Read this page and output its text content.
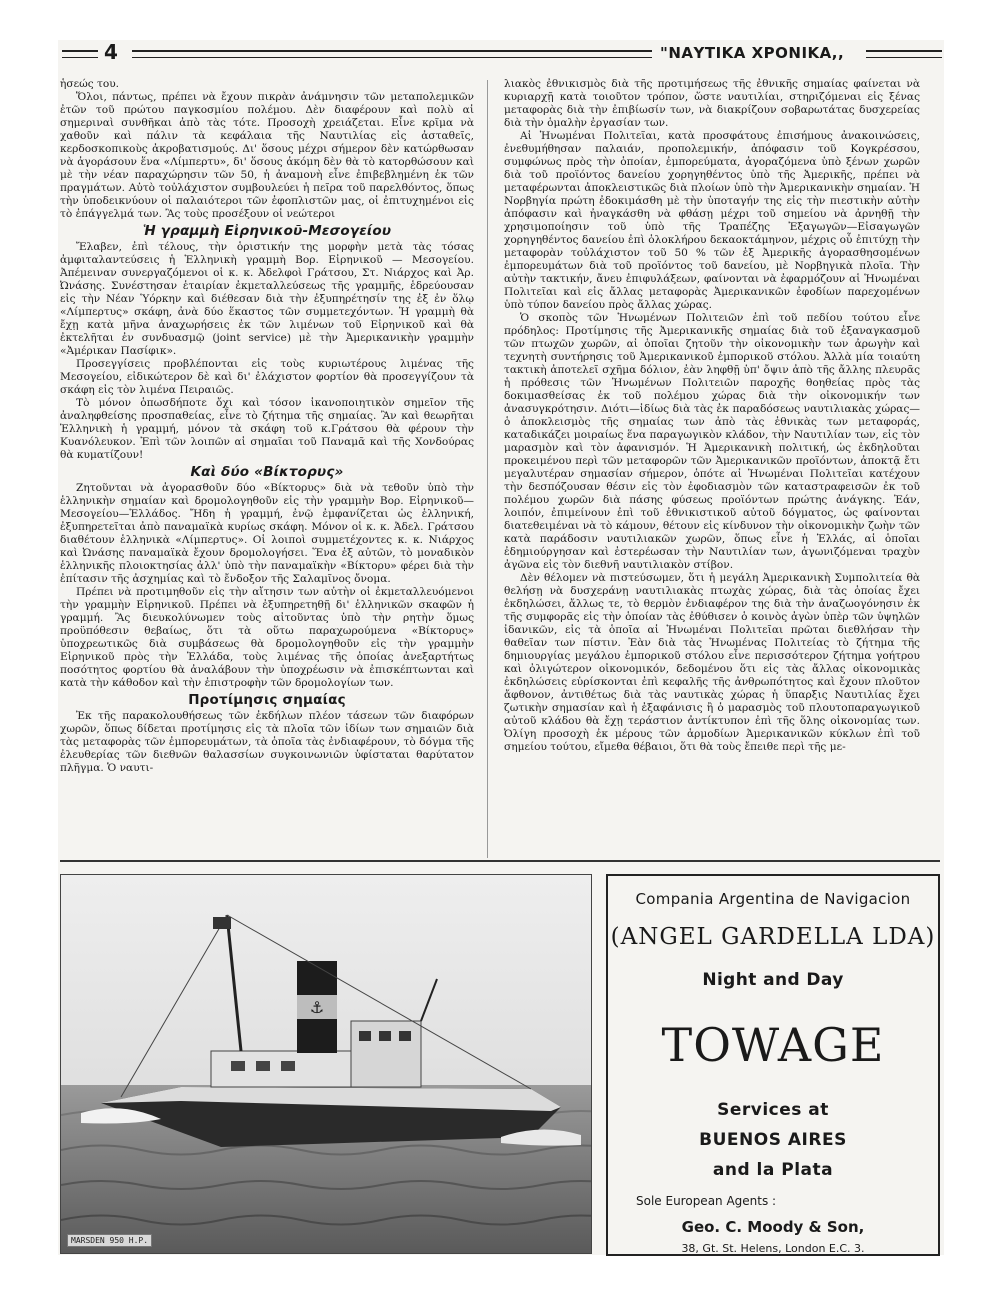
4	"ΝΑΥΤΙΚΑ ΧΡΟΝΙΚΑ,,

ἡσεώς του.

Ὅλοι, πάντως, πρέπει νὰ ἔχουν πικρὰν ἀνάμνησιν τῶν μεταπολεμικῶν ἐτῶν τοῦ πρώτου παγκοσμίου πολέμου. Δὲν διαφέρουν καὶ πολὺ αἱ σημεριναὶ συνθῆκαι ἀπὸ τὰς τότε. Προσοχὴ χρειάζεται. Εἶνε κρῖμα νὰ χαθοῦν καὶ πάλιν τὰ κεφάλαια τῆς Ναυτιλίας εἰς ἀσταθεῖς, κερδοσκοπικοὺς ἀκροβατισμούς. Δι' ὅσους μέχρι σήμερον δὲν κατώρθωσαν νὰ ἀγοράσουν ἕνα «Λίμπερτυ», δι' ὅσους ἀκόμη δὲν θὰ τὸ κατορθώσουν καὶ μὲ τὴν νέαν παραχώρησιν τῶν 50, ἡ ἀναμονὴ εἶνε ἐπιβεβλημένη ἐκ τῶν πραγμάτων. Αὐτὸ τοὐλάχιστον συμβουλεύει ἡ πεῖρα τοῦ παρελθόντος, ὅπως τὴν ὑποδεικνύουν οἱ παλαιότεροι τῶν ἐφοπλιστῶν μας, οἱ ἐπιτυχημένοι εἰς τὸ ἐπάγγελμά των. Ἂς τοὺς προσέξουν οἱ νεώτεροι

Ἡ γραμμὴ Εἰρηνικοῦ-Μεσογείου

Ἔλαβεν, ἐπὶ τέλους, τὴν ὁριστικήν της μορφὴν μετὰ τὰς τόσας ἀμφιταλαντεύσεις ἡ Ἑλληνικὴ γραμμὴ Βορ. Εἰρηνικοῦ — Μεσογείου. Ἀπέμειναν συνεργαζόμενοι οἱ κ. κ. Ἀδελφοὶ Γράτσου, Στ. Νιάρχος καὶ Ἀρ. Ὠνάσης. Συνέστησαν ἑταιρίαν ἐκμεταλλεύσεως τῆς γραμμῆς, ἑδρεύουσαν εἰς τὴν Νέαν Ὑόρκην καὶ διέθεσαν διὰ τὴν ἐξυπηρέτησίν της ἐξ ἐν ὅλῳ «Λίμπερτυς» σκάφη, ἀνὰ δύο ἕκαστος τῶν συμμετεχόντων. Ἡ γραμμὴ θὰ ἔχῃ κατὰ μῆνα ἀναχωρήσεις ἐκ τῶν λιμένων τοῦ Εἰρηνικοῦ καὶ θὰ ἐκτελῆται ἐν συνδυασμῷ (joint service) μὲ τὴν Ἀμερικανικὴν γραμμὴν «Ἀμέρικαν Πασίφικ».

Προσεγγίσεις προβλέπονται εἰς τοὺς κυριωτέρους λιμένας τῆς Μεσογείου, εἰδικώτερον δὲ καὶ δι' ἐλάχιστον φορτίον θὰ προσεγγίζουν τὰ σκάφη εἰς τὸν λιμένα Πειραιῶς.

Τὸ μόνον ὁπωσδήποτε ὄχι καὶ τόσον ἱκανοποιητικὸν σημεῖον τῆς ἀναληφθείσης προσπαθείας, εἶνε τὸ ζήτημα τῆς σημαίας. Ἂν καὶ θεωρῆται Ἑλληνικὴ ἡ γραμμή, μόνον τὰ σκάφη τοῦ κ.Γράτσου θὰ φέρουν τὴν Κυανόλευκον. Ἐπὶ τῶν λοιπῶν αἱ σημαῖαι τοῦ Παναμᾶ καὶ τῆς Χονδούρας θὰ κυματίζουν!

Καὶ δύο «Βίκτορυς»

Ζητοῦνται νὰ ἀγορασθοῦν δύο «Βίκτορυς» διὰ νὰ τεθοῦν ὑπὸ τὴν ἑλληνικὴν σημαίαν καὶ δρομολογηθοῦν εἰς τὴν γραμμὴν Βορ. Εἰρηνικοῦ—Μεσογείου—Ἑλλάδος. Ἤδη ἡ γραμμή, ἐνῷ ἐμφανίζεται ὡς ἑλληνική, ἐξυπηρετεῖται ἀπὸ παναμαϊκὰ κυρίως σκάφη. Μόνον οἱ κ. κ. Ἀδελ. Γράτσου διαθέτουν ἑλληνικὰ «Λίμπερτυς». Οἱ λοιποὶ συμμετέχοντες κ. κ. Νιάρχος καὶ Ὠνάσης παναμαϊκὰ ἔχουν δρομολογήσει. Ἕνα ἐξ αὐτῶν, τὸ μοναδικὸν ἑλληνικῆς πλοιοκτησίας ἀλλ' ὑπὸ τὴν παναμαϊκὴν «Βίκτορυ» φέρει διὰ τὴν ἐπίτασιν τῆς ἀσχημίας καὶ τὸ ἔνδοξον τῆς Σαλαμῖνος ὄνομα.

Πρέπει νὰ προτιμηθοῦν εἰς τὴν αἴτησιν των αὐτὴν οἱ ἐκμεταλλευόμενοι τὴν γραμμὴν Εἰρηνικοῦ. Πρέπει νὰ ἐξυπηρετηθῇ δι' ἑλληνικῶν σκαφῶν ἡ γραμμή. Ἂς διευκολύνωμεν τοὺς αἰτοῦντας ὑπὸ τὴν ρητὴν ὅμως προϋπόθεσιν θεβαίως, ὅτι τὰ οὕτω παραχωρούμενα «Βίκτορυς» ὑποχρεωτικῶς διὰ συμβάσεως θὰ δρομολογηθοῦν εἰς τὴν γραμμὴν Εἰρηνικοῦ πρὸς τὴν Ἑλλάδα, τοὺς λιμένας τῆς ὁποίας ἀνεξαρτήτως ποσότητος φορτίου θὰ ἀναλάβουν τὴν ὑποχρέωσιν νὰ ἐπισκέπτωνται καὶ κατὰ τὴν κάθοδον καὶ τὴν ἐπιστροφὴν τῶν δρομολογίων των.

Προτίμησις σημαίας

Ἐκ τῆς παρακολουθήσεως τῶν ἐκδήλων πλέον τάσεων τῶν διαφόρων χωρῶν, ὅπως δίδεται προτίμησις εἰς τὰ πλοῖα τῶν ἰδίων των σημαιῶν διὰ τὰς μεταφορὰς τῶν ἐμπορευμάτων, τὰ ὁποῖα τὰς ἐνδιαφέρουν, τὸ δόγμα τῆς ἐλευθερίας τῶν διεθνῶν θαλασσίων συγκοινωνιῶν ὑφίσταται θαρύτατον πλῆγμα. Ὁ ναυτι-

λιακὸς ἐθνικισμὸς διὰ τῆς προτιμήσεως τῆς ἐθνικῆς σημαίας φαίνεται νὰ κυριαρχῇ κατὰ τοιοῦτον τρόπον, ὥστε ναυτιλίαι, στηριζόμεναι εἰς ξένας μεταφορὰς διὰ τὴν ἐπιβίωσίν των, νὰ διακρίζουν σοβαρωτάτας δυσχερείας διὰ τὴν ὁμαλὴν ἐργασίαν των.

Αἱ Ἡνωμέναι Πολιτεῖαι, κατὰ προσφάτους ἐπισήμους ἀνακοινώσεις, ἐνεθυμήθησαν παλαιάν, προπολεμικήν, ἀπόφασιν τοῦ Κογκρέσσου, συμφώνως πρὸς τὴν ὁποίαν, ἐμπορεύματα, ἀγοραζόμενα ὑπὸ ξένων χωρῶν διὰ τοῦ προϊόντος δανείου χορηγηθέντος ὑπὸ τῆς Ἀμερικῆς, πρέπει νὰ μεταφέρωνται ἀποκλειστικῶς διὰ πλοίων ὑπὸ τὴν Ἀμερικανικὴν σημαίαν. Ἡ Νορβηγία πρώτη ἐδοκιμάσθη μὲ τὴν ὑποταγήν της εἰς τὴν πιεστικὴν αὐτὴν ἀπόφασιν καὶ ἠναγκάσθη νὰ φθάσῃ μέχρι τοῦ σημείου νὰ ἀρνηθῇ τὴν χρησιμοποίησιν τοῦ ὑπὸ τῆς Τραπέζης Ἐξαγωγῶν—Εἰσαγωγῶν χορηγηθέντος δανείου ἐπὶ ὁλοκλήρου δεκαοκτάμηνον, μέχρις οὗ ἐπιτύχῃ τὴν μεταφορὰν τοὐλάχιστον τοῦ 50 % τῶν ἐξ Ἀμερικῆς ἀγορασθησομένων ἐμπορευμάτων διὰ τοῦ προϊόντος τοῦ δανείου, μὲ Νορβηγικὰ πλοῖα. Τὴν αὐτὴν τακτικήν, ἄνευ ἐπιφυλάξεων, φαίνονται νὰ ἐφαρμόζουν αἱ Ἡνωμέναι Πολιτεῖαι καὶ εἰς ἄλλας μεταφορὰς Ἀμερικανικῶν ἐφοδίων παρεχομένων ὑπὸ τύπον δανείου πρὸς ἄλλας χώρας.

Ὁ σκοπὸς τῶν Ἡνωμένων Πολιτειῶν ἐπὶ τοῦ πεδίου τούτου εἶνε πρόδηλος: Προτίμησις τῆς Ἀμερικανικῆς σημαίας διὰ τοῦ ἐξαναγκασμοῦ τῶν πτωχῶν χωρῶν, αἱ ὁποῖαι ζητοῦν τὴν οἰκονομικὴν των ἀρωγὴν καὶ τεχνητὴ συντήρησις τοῦ Ἀμερικανικοῦ ἐμπορικοῦ στόλου. Ἀλλὰ μία τοιαύτη τακτικὴ ἀποτελεῖ σχῆμα δόλιον, ἐὰν ληφθῇ ὑπ' ὄψιν ἀπὸ τῆς ἄλλης πλευρᾶς ἡ πρόθεσις τῶν Ἡνωμένων Πολιτειῶν παροχῆς θοηθείας πρὸς τὰς δοκιμασθείσας ἐκ τοῦ πολέμου χώρας διὰ τὴν οἰκονομικήν των ἀνασυγκρότησιν. Διότι—ἰδίως διὰ τὰς ἐκ παραδόσεως ναυτιλιακὰς χώρας—ὁ ἀποκλεισμὸς τῆς σημαίας των ἀπὸ τὰς ἐθνικὰς των μεταφοράς, καταδικάζει μοιραίως ἕνα παραγωγικὸν κλάδον, τὴν Ναυτιλίαν των, εἰς τὸν μαρασμὸν καὶ τὸν ἀφανισμόν. Ἡ Ἀμερικανικὴ πολιτική, ὡς ἐκδηλοῦται προκειμένου περὶ τῶν μεταφορῶν τῶν Ἀμερικανικῶν προϊόντων, ἀποκτᾷ ἔτι μεγαλυτέραν σημασίαν σήμερον, ὁπότε αἱ Ἡνωμέναι Πολιτεῖαι κατέχουν τὴν δεσπόζουσαν θέσιν εἰς τὸν ἐφοδιασμὸν τῶν καταστραφεισῶν ἐκ τοῦ πολέμου χωρῶν διὰ πάσης φύσεως προϊόντων πρώτης ἀνάγκης. Ἐάν, λοιπόν, ἐπιμείνουν ἐπὶ τοῦ ἐθνικιστικοῦ αὐτοῦ δόγματος, ὡς φαίνονται διατεθειμέναι νὰ τὸ κάμουν, θέτουν εἰς κίνδυνον τὴν οἰκονομικὴν ζωὴν τῶν κατὰ παράδοσιν ναυτιλιακῶν χωρῶν, ὅπως εἶνε ἡ Ἑλλάς, αἱ ὁποῖαι ἐδημιούργησαν καὶ ἐστερέωσαν τὴν Ναυτιλίαν των, ἀγωνιζόμεναι τραχὺν ἀγῶνα εἰς τὸν διεθνῆ ναυτιλιακὸν στίβον.

Δὲν θέλομεν νὰ πιστεύσωμεν, ὅτι ἡ μεγάλη Ἀμερικανικὴ Συμπολιτεία θὰ θελήσῃ νὰ δυσχεράνῃ ναυτιλιακὰς πτωχὰς χώρας, διὰ τὰς ὁποίας ἔχει ἐκδηλώσει, ἄλλως τε, τὸ θερμὸν ἐνδιαφέρον της διὰ τὴν ἀναζωογόνησιν ἐκ τῆς συμφορᾶς εἰς τὴν ὁποίαν τὰς ἐθύθισεν ὁ κοινὸς ἀγὼν ὑπὲρ τῶν ὑψηλῶν ἰδανικῶν, εἰς τὰ ὁποῖα αἱ Ἡνωμέναι Πολιτεῖαι πρῶται διεθλήσαν τὴν θαθεῖαν των πίστιν. Ἐὰν διὰ τὰς Ἡνωμένας Πολιτείας τὸ ζήτημα τῆς δημιουργίας μεγάλου ἐμπορικοῦ στόλου εἶνε περισσότερον ζήτημα γοήτρου καὶ ὀλιγώτερον οἰκονομικόν, δεδομένου ὅτι εἰς τὰς ἄλλας οἰκονομικὰς ἐκδηλώσεις εὑρίσκονται ἐπὶ κεφαλῆς τῆς ἀνθρωπότητος καὶ ἔχουν πλοῦτον ἄφθονον, ἀντιθέτως διὰ τὰς ναυτικὰς χώρας ἡ ὕπαρξις Ναυτιλίας ἔχει ζωτικὴν σημασίαν καὶ ἡ ἐξαφάνισις ἢ ὁ μαρασμὸς τοῦ πλουτοπαραγωγικοῦ αὐτοῦ κλάδου θὰ ἔχῃ τεράστιον ἀντίκτυπον ἐπὶ τῆς ὅλης οἰκονομίας των. Ὀλίγη προσοχὴ ἐκ μέρους τῶν ἁρμοδίων Ἀμερικανικῶν κύκλων ἐπὶ τοῦ σημείου τούτου, εἴμεθα θέβαιοι, ὅτι θὰ τοὺς ἔπειθε περὶ τῆς με-

⚓
MARSDEN 950 H.P.
Compania Argentina de Navigacion
(ANGEL GARDELLA LDA)
Night and Day
TOWAGE
Services at
BUENOS AIRES
and la Plata
Sole European Agents :
Geo. C. Moody & Son,
38, Gt. St. Helens, London E.C. 3.
